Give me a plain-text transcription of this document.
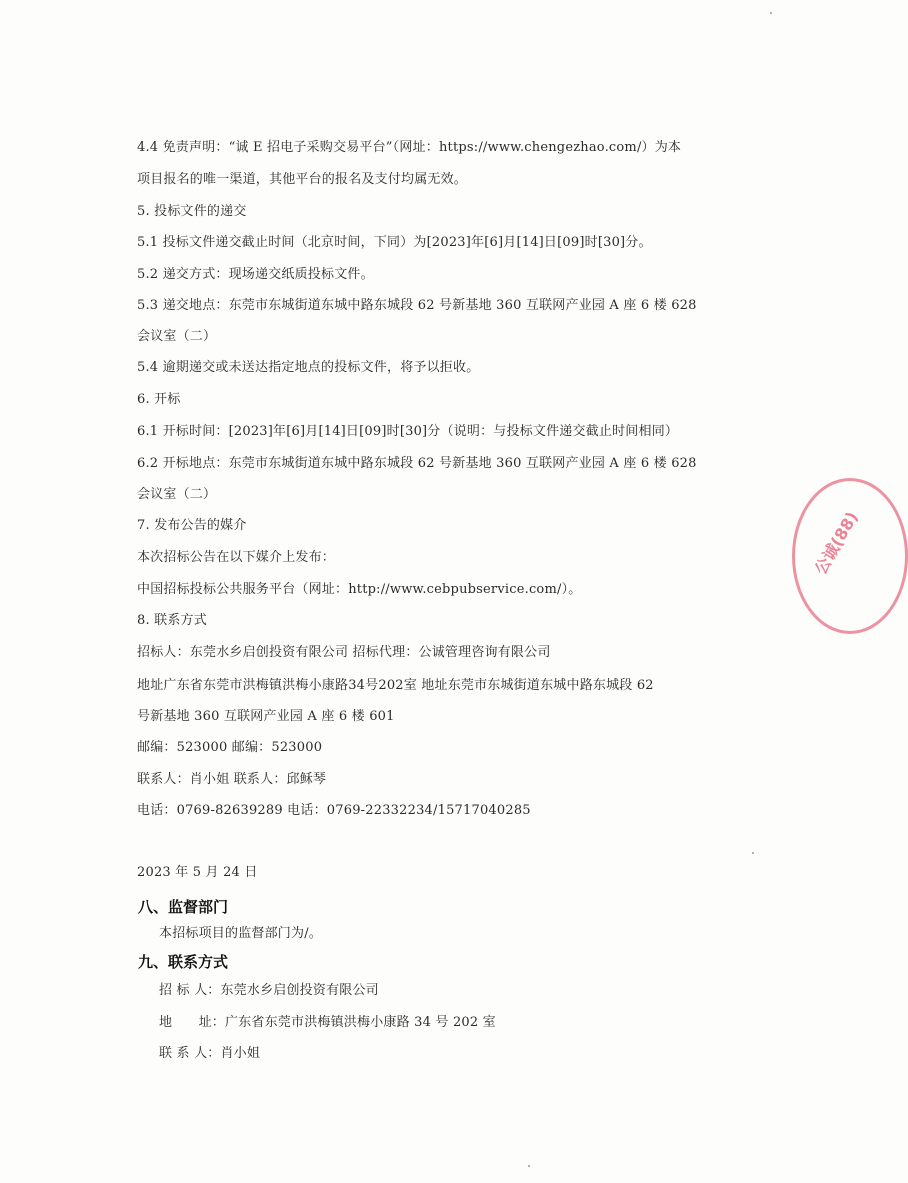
4.4 免责声明：“诚 E 招电子采购交易平台”（网址：https://www.chengezhao.com/）为本
项目报名的唯一渠道，其他平台的报名及支付均属无效。
5. 投标文件的递交
5.1 投标文件递交截止时间（北京时间，下同）为[2023]年[6]月[14]日[09]时[30]分。
5.2 递交方式：现场递交纸质投标文件。
5.3 递交地点：东莞市东城街道东城中路东城段 62 号新基地 360 互联网产业园 A 座 6 楼 628
会议室（二）
5.4 逾期递交或未送达指定地点的投标文件，将予以拒收。
6. 开标
6.1 开标时间：[2023]年[6]月[14]日[09]时[30]分（说明：与投标文件递交截止时间相同）
6.2 开标地点：东莞市东城街道东城中路东城段 62 号新基地 360 互联网产业园 A 座 6 楼 628
会议室（二）
7. 发布公告的媒介
本次招标公告在以下媒介上发布：
中国招标投标公共服务平台（网址：http://www.cebpubservice.com/）。
8. 联系方式
招标人：东莞水乡启创投资有限公司 招标代理：公诚管理咨询有限公司
地址广东省东莞市洪梅镇洪梅小康路34号202室 地址东莞市东城街道东城中路东城段 62
号新基地 360 互联网产业园 A 座 6 楼 601
邮编：523000 邮编：523000
联系人：肖小姐 联系人：邱稣琴
电话：0769-82639289 电话：0769-22332234/15717040285
2023 年 5 月 24 日
八、监督部门
本招标项目的监督部门为/。
九、联系方式
招 标 人：东莞水乡启创投资有限公司
地　　址：广东省东莞市洪梅镇洪梅小康路 34 号 202 室
联 系 人：肖小姐
公诚(88)
